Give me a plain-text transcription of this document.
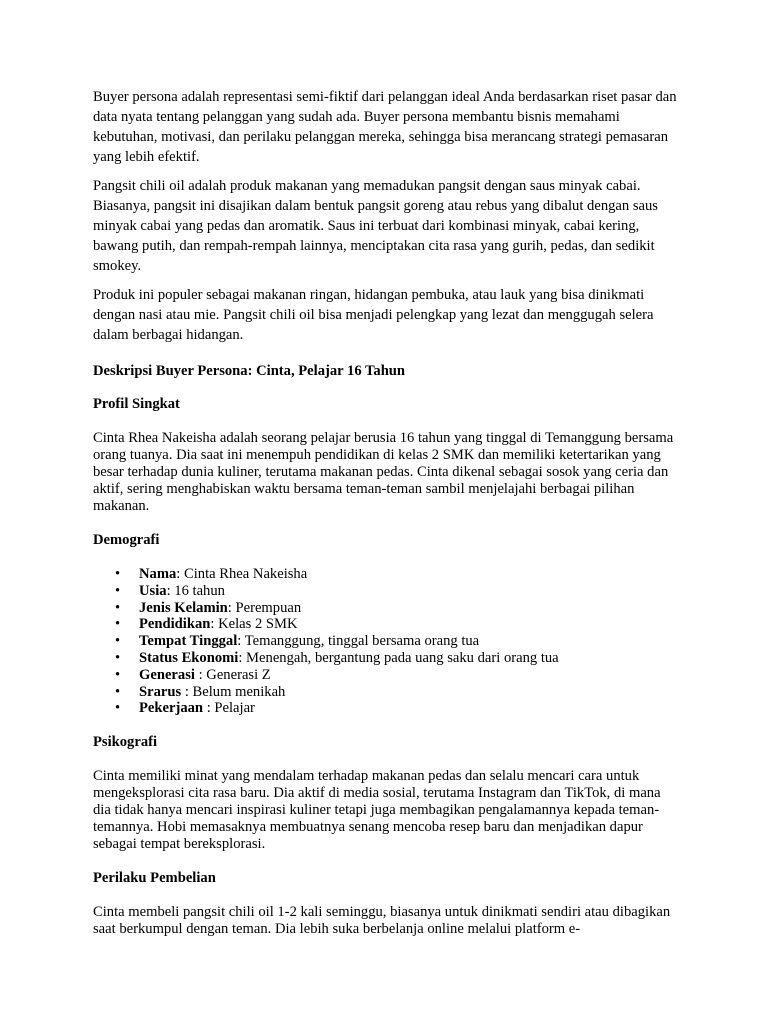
Buyer persona adalah representasi semi-fiktif dari pelanggan ideal Anda berdasarkan riset pasar dan data nyata tentang pelanggan yang sudah ada. Buyer persona membantu bisnis memahami kebutuhan, motivasi, dan perilaku pelanggan mereka, sehingga bisa merancang strategi pemasaran yang lebih efektif.

Pangsit chili oil adalah produk makanan yang memadukan pangsit dengan saus minyak cabai. Biasanya, pangsit ini disajikan dalam bentuk pangsit goreng atau rebus yang dibalut dengan saus minyak cabai yang pedas dan aromatik. Saus ini terbuat dari kombinasi minyak, cabai kering, bawang putih, dan rempah-rempah lainnya, menciptakan cita rasa yang gurih, pedas, dan sedikit smokey.

Produk ini populer sebagai makanan ringan, hidangan pembuka, atau lauk yang bisa dinikmati dengan nasi atau mie. Pangsit chili oil bisa menjadi pelengkap yang lezat dan menggugah selera dalam berbagai hidangan.

Deskripsi Buyer Persona: Cinta, Pelajar 16 Tahun

Profil Singkat

Cinta Rhea Nakeisha adalah seorang pelajar berusia 16 tahun yang tinggal di Temanggung bersama orang tuanya. Dia saat ini menempuh pendidikan di kelas 2 SMK dan memiliki ketertarikan yang besar terhadap dunia kuliner, terutama makanan pedas. Cinta dikenal sebagai sosok yang ceria dan aktif, sering menghabiskan waktu bersama teman-teman sambil menjelajahi berbagai pilihan makanan.

Demografi

• Nama: Cinta Rhea Nakeisha
• Usia: 16 tahun
• Jenis Kelamin: Perempuan
• Pendidikan: Kelas 2 SMK
• Tempat Tinggal: Temanggung, tinggal bersama orang tua
• Status Ekonomi: Menengah, bergantung pada uang saku dari orang tua
• Generasi : Generasi Z
• Srarus : Belum menikah
• Pekerjaan : Pelajar

Psikografi

Cinta memiliki minat yang mendalam terhadap makanan pedas dan selalu mencari cara untuk mengeksplorasi cita rasa baru. Dia aktif di media sosial, terutama Instagram dan TikTok, di mana dia tidak hanya mencari inspirasi kuliner tetapi juga membagikan pengalamannya kepada teman-temannya. Hobi memasaknya membuatnya senang mencoba resep baru dan menjadikan dapur sebagai tempat bereksplorasi.

Perilaku Pembelian

Cinta membeli pangsit chili oil 1-2 kali seminggu, biasanya untuk dinikmati sendiri atau dibagikan saat berkumpul dengan teman. Dia lebih suka berbelanja online melalui platform e-
